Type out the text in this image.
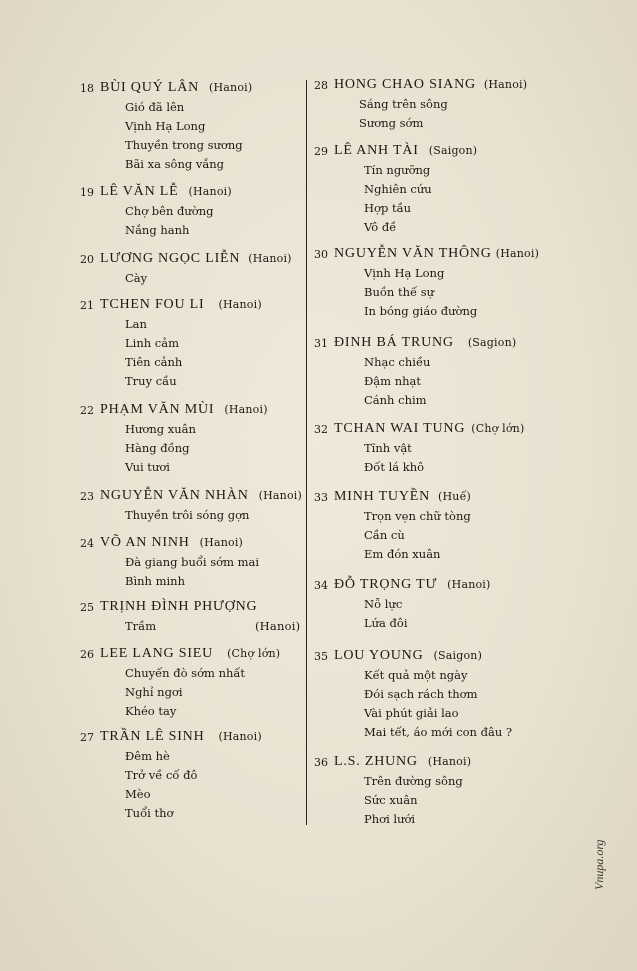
18 BÙI QUÝ LÂN (Hanoi)
Gió đã lên
Vịnh Hạ Long
Thuyền trong sương
Bãi xa sông vắng
19 LÊ VĂN LỄ (Hanoi)
Chợ bên đường
Nắng hanh
20 LƯƠNG NGỌC LIỄN (Hanoi)
Cày
21 TCHEN FOU LI (Hanoi)
Lan
Linh cảm
Tiên cảnh
Truy cầu
22 PHẠM VĂN MÙI (Hanoi)
Hương xuân
Hàng đồng
Vui tươi
23 NGUYỄN VĂN NHÀN (Hanoi)
Thuyền trôi sóng gợn
24 VÕ AN NINH (Hanoi)
Đà giang buổi sớm mai
Bình minh
25 TRỊNH ĐÌNH PHƯỢNG
Trầm	(Hanoi)
26 LEE LANG SIEU (Chợ lớn)
Chuyến đò sớm nhất
Nghỉ ngơi
Khéo tay
27 TRẦN LÊ SINH (Hanoi)
Đêm hè
Trở về cố đô
Mèo
Tuổi thơ
28 HONG CHAO SIANG (Hanoi)
Sáng trên sông
Sương sớm
29 LÊ ANH TÀI (Saigon)
Tín ngưỡng
Nghiên cứu
Hợp tầu
Vô đề
30 NGUYỄN VĂN THÔNG (Hanoi)
Vịnh Hạ Long
Buồn thế sự
In bóng giáo đường
31 ĐINH BÁ TRUNG (Sagion)
Nhạc chiều
Đậm nhạt
Cánh chim
32 TCHAN WAI TUNG (Chợ lớn)
Tĩnh vật
Đốt lá khô
33 MINH TUYỀN (Huế)
Trọn vẹn chữ tòng
Cần cù
Em đón xuân
34 ĐỖ TRỌNG TƯ (Hanoi)
Nỗ lực
Lứa đôi
35 LOU YOUNG (Saigon)
Kết quả một ngày
Đói sạch rách thơm
Vài phút giải lao
Mai tết, áo mới con đâu ?
36 L.S. ZHUNG (Hanoi)
Trên đường sông
Sức xuân
Phơi lưới
Vnupa.org
